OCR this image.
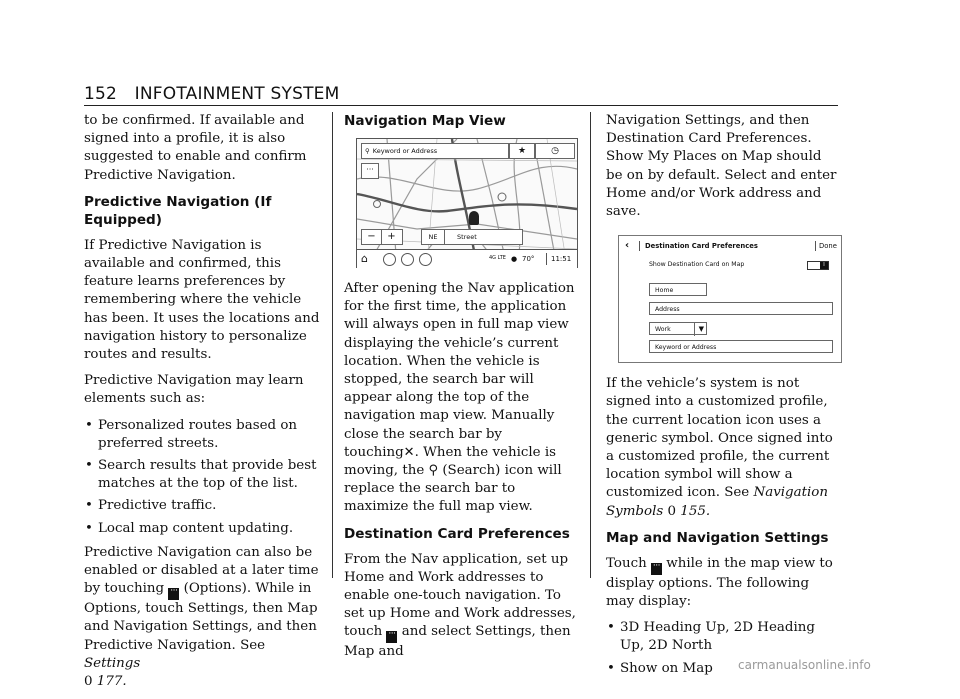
152 INFOTAINMENT SYSTEM

to be confirmed. If available and signed into a profile, it is also suggested to enable and confirm Predictive Navigation.

Predictive Navigation (If Equipped)

If Predictive Navigation is available and confirmed, this feature learns preferences by remembering where the vehicle has been. It uses the locations and navigation history to personalize routes and results.

Predictive Navigation may learn elements such as:

• Personalized routes based on preferred streets.
• Search results that provide best matches at the top of the list.
• Predictive traffic.
• Local map content updating.

Predictive Navigation can also be enabled or disabled at a later time by touching ··· (Options). While in Options, touch Settings, then Map and Navigation Settings, and then Predictive Navigation. See Settings
0 177.

Navigation Map View
⚲ Keyword or Address	★	◷
···
− +	NE	Street
⌂	4G LTE ● 70° 11:51

After opening the Nav application for the first time, the application will always open in full map view displaying the vehicle’s current location. When the vehicle is stopped, the search bar will appear along the top of the navigation map view. Manually close the search bar by touching✕. When the vehicle is moving, the ⚲ (Search) icon will replace the search bar to maximize the full map view.

Destination Card Preferences

From the Nav application, set up Home and Work addresses to enable one-touch navigation. To set up Home and Work addresses, touch ··· and select Settings, then Map and

Navigation Settings, and then Destination Card Preferences. Show My Places on Map should be on by default. Select and enter Home and/or Work address and save.

‹ Destination Card Preferences	Done
Show Destination Card on Map	I
Home
Address
Work	▼
Keyword or Address

If the vehicle’s system is not signed into a customized profile, the current location icon uses a generic symbol. Once signed into a customized profile, the current location symbol will show a customized icon. See Navigation Symbols 0 155.

Map and Navigation Settings

Touch ··· while in the map view to display options. The following may display:

• 3D Heading Up, 2D Heading Up, 2D North
• Show on Map	carmanualsonline.info
